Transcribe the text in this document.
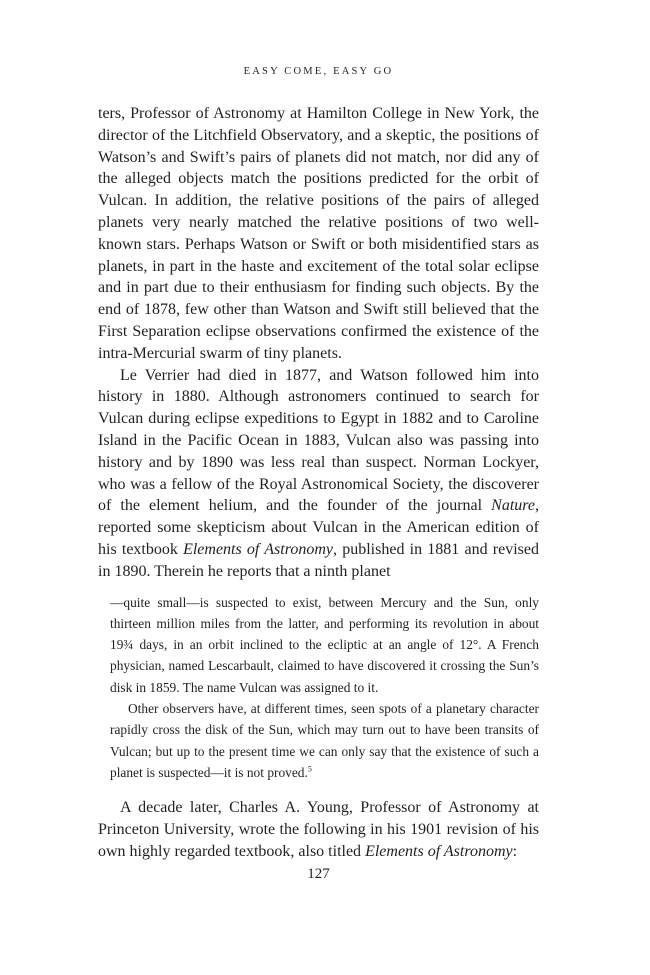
EASY COME, EASY GO

ters, Professor of Astronomy at Hamilton College in New York, the director of the Litchfield Observatory, and a skeptic, the positions of Watson’s and Swift’s pairs of planets did not match, nor did any of the alleged objects match the positions predicted for the orbit of Vulcan. In addition, the relative positions of the pairs of alleged planets very nearly matched the relative positions of two well-known stars. Perhaps Watson or Swift or both misidentified stars as planets, in part in the haste and excitement of the total solar eclipse and in part due to their enthusiasm for finding such objects. By the end of 1878, few other than Watson and Swift still believed that the First Separation eclipse observations confirmed the existence of the intra-Mercurial swarm of tiny planets.

Le Verrier had died in 1877, and Watson followed him into history in 1880. Although astronomers continued to search for Vulcan during eclipse expeditions to Egypt in 1882 and to Caroline Island in the Pacific Ocean in 1883, Vulcan also was passing into history and by 1890 was less real than suspect. Norman Lockyer, who was a fellow of the Royal Astronomical Society, the discoverer of the element helium, and the founder of the journal Nature, reported some skepticism about Vulcan in the American edition of his textbook Elements of Astronomy, published in 1881 and revised in 1890. Therein he reports that a ninth planet

—quite small—is suspected to exist, between Mercury and the Sun, only thirteen million miles from the latter, and performing its revolution in about 19¾ days, in an orbit inclined to the ecliptic at an angle of 12°. A French physician, named Lescarbault, claimed to have discovered it crossing the Sun’s disk in 1859. The name Vulcan was assigned to it.

Other observers have, at different times, seen spots of a planetary character rapidly cross the disk of the Sun, which may turn out to have been transits of Vulcan; but up to the present time we can only say that the existence of such a planet is suspected—it is not proved.$^5$

A decade later, Charles A. Young, Professor of Astronomy at Princeton University, wrote the following in his 1901 revision of his own highly regarded textbook, also titled Elements of Astronomy:

127
